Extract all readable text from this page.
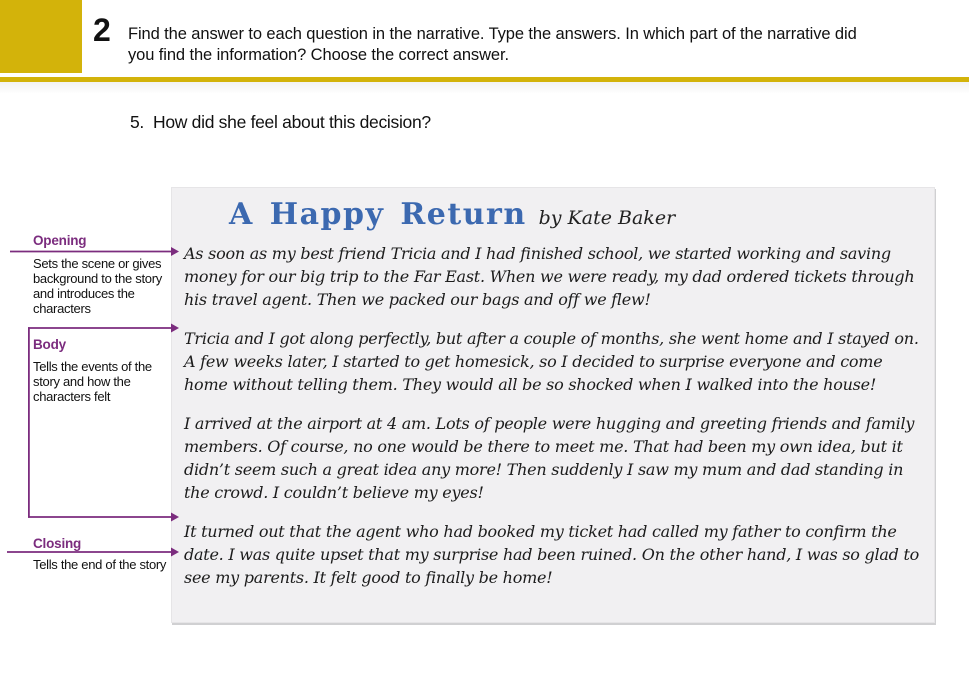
2 Find the answer to each question in the narrative. Type the answers. In which part of the narrative did you find the information? Choose the correct answer.
5. How did she feel about this decision?
A Happy Return by Kate Baker

As soon as my best friend Tricia and I had finished school, we started working and saving money for our big trip to the Far East. When we were ready, my dad ordered tickets through his travel agent. Then we packed our bags and off we flew!

Tricia and I got along perfectly, but after a couple of months, she went home and I stayed on. A few weeks later, I started to get homesick, so I decided to surprise everyone and come home without telling them. They would all be so shocked when I walked into the house!

I arrived at the airport at 4 am. Lots of people were hugging and greeting friends and family members. Of course, no one would be there to meet me. That had been my own idea, but it didn’t seem such a great idea any more! Then suddenly I saw my mum and dad standing in the crowd. I couldn’t believe my eyes!

It turned out that the agent who had booked my ticket had called my father to confirm the date. I was quite upset that my surprise had been ruined. On the other hand, I was so glad to see my parents. It felt good to finally be home!

Opening
Sets the scene or gives background to the story and introduces the characters
Body
Tells the events of the story and how the characters felt
Closing
Tells the end of the story
